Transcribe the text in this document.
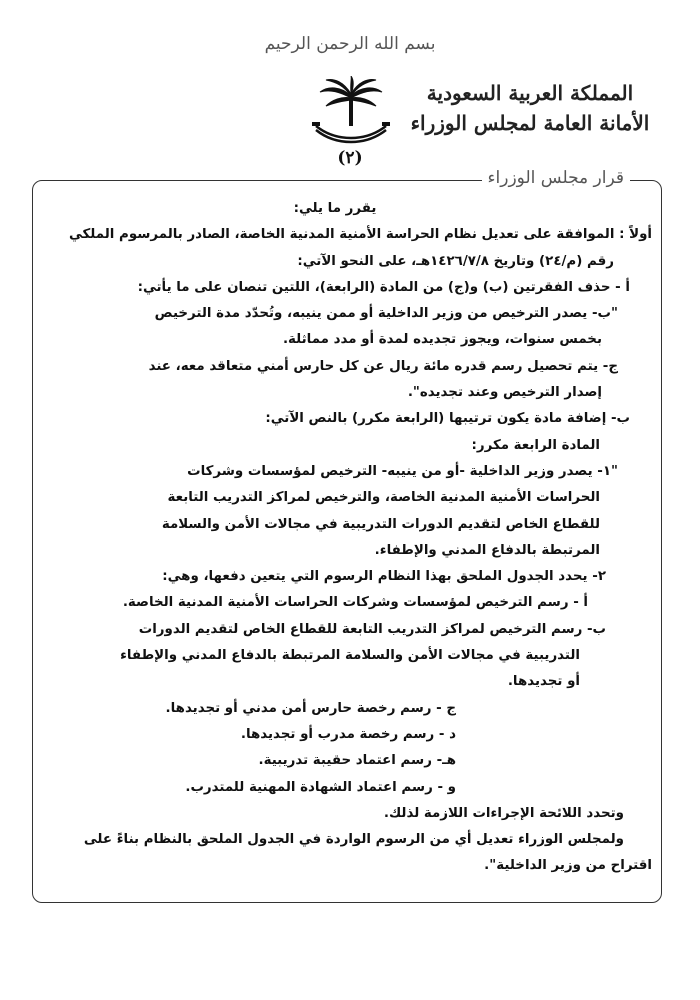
بسم الله الرحمن الرحيم
(٢)
المملكة العربية السعودية
الأمانة العامة لمجلس الوزراء
قرار مجلس الوزراء

يقرر ما يلي:

أولاً : الموافقة على تعديل نظام الحراسة الأمنية المدنية الخاصة، الصادر بالمرسوم الملكي

رقم (م/٢٤) وتاريخ ١٤٢٦/٧/٨هـ، على النحو الآتي:

أ - حذف الفقرتين (ب) و(ج) من المادة (الرابعة)، اللتين تنصان على ما يأتي:

"ب- يصدر الترخيص من وزير الداخلية أو ممن ينيبه، وتُحدّد مدة الترخيص

بخمس سنوات، ويجوز تجديده لمدة أو مدد مماثلة.

ج- يتم تحصيل رسم قدره مائة ريال عن كل حارس أمني متعاقد معه، عند

إصدار الترخيص وعند تجديده".

ب- إضافة مادة يكون ترتيبها (الرابعة مكرر) بالنص الآتي:

المادة الرابعة مكرر:

"١- يصدر وزير الداخلية -أو من ينيبه- الترخيص لمؤسسات وشركات

الحراسات الأمنية المدنية الخاصة، والترخيص لمراكز التدريب التابعة

للقطاع الخاص لتقديم الدورات التدريبية في مجالات الأمن والسلامة

المرتبطة بالدفاع المدني والإطفاء.

٢- يحدد الجدول الملحق بهذا النظام الرسوم التي يتعين دفعها، وهي:

أ - رسم الترخيص لمؤسسات وشركات الحراسات الأمنية المدنية الخاصة.

ب- رسم الترخيص لمراكز التدريب التابعة للقطاع الخاص لتقديم الدورات

التدريبية في مجالات الأمن والسلامة المرتبطة بالدفاع المدني والإطفاء

أو تجديدها.

ج - رسم رخصة حارس أمن مدني أو تجديدها.

د - رسم رخصة مدرب أو تجديدها.

هـ- رسم اعتماد حقيبة تدريبية.

و - رسم اعتماد الشهادة المهنية للمتدرب.

وتحدد اللائحة الإجراءات اللازمة لذلك.

ولمجلس الوزراء تعديل أي من الرسوم الواردة في الجدول الملحق بالنظام بناءً على

اقتراح من وزير الداخلية".
